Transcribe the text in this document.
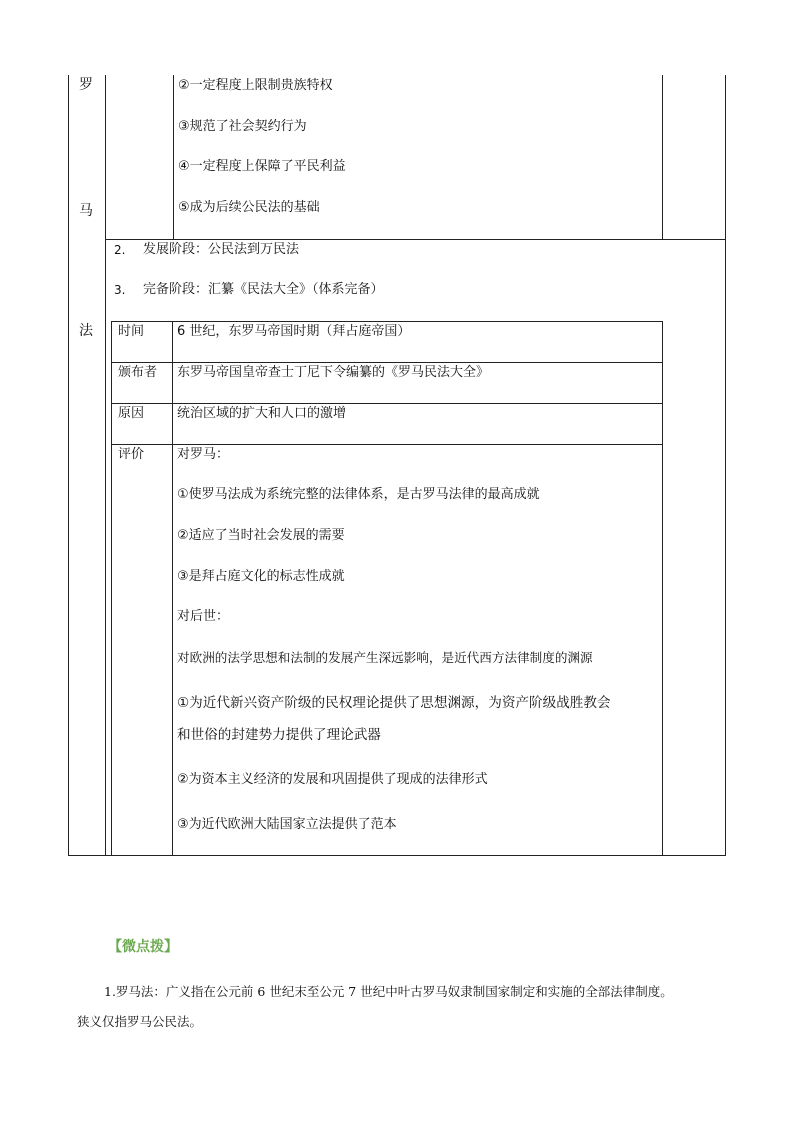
罗
马
法
②一定程度上限制贵族特权
③规范了社会契约行为
④一定程度上保障了平民利益
⑤成为后续公民法的基础
2. 发展阶段：公民法到万民法
3. 完备阶段：汇纂《民法大全》（体系完备）
时间	6 世纪，东罗马帝国时期（拜占庭帝国）
颁布者 东罗马帝国皇帝查士丁尼下令编纂的《罗马民法大全》
原因	统治区域的扩大和人口的激增
评价	对罗马：
①使罗马法成为系统完整的法律体系，是古罗马法律的最高成就
②适应了当时社会发展的需要
③是拜占庭文化的标志性成就
对后世：
对欧洲的法学思想和法制的发展产生深远影响，是近代西方法律制度的渊源
①为近代新兴资产阶级的民权理论提供了思想渊源，为资产阶级战胜教会
和世俗的封建势力提供了理论武器
②为资本主义经济的发展和巩固提供了现成的法律形式
③为近代欧洲大陆国家立法提供了范本
【微点拨】
1.罗马法：广义指在公元前 6 世纪末至公元 7 世纪中叶古罗马奴隶制国家制定和实施的全部法律制度。
狭义仅指罗马公民法。
